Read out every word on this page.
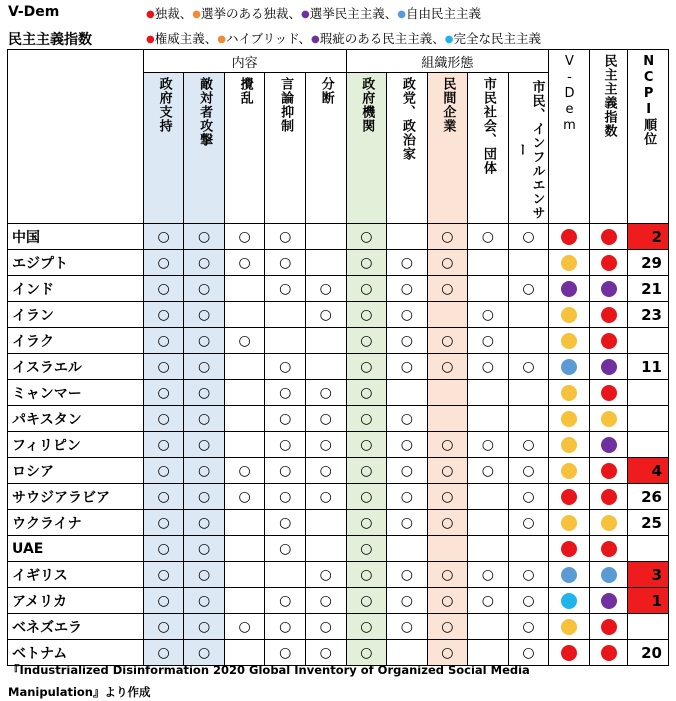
V-Dem	●独裁、●選挙のある独裁、●選挙民主主義、●自由民主主義
民主主義指数	●権威主義、●ハイブリッド、●瑕疵のある民主主義、●完全な民主主義
	内容					組織形態					V-Dem	民主主義指数	NCPI順位

	政府支持	敵対者攻撃	攪乱	言論抑制	分断	政府機関	政党、政治家	民間企業	市民社会、団体	市民、インフルエンサー			

中国	○	○	○	○		○		○	○	○			2
エジプト	○	○	○	○		○	○	○					29
インド	○	○		○	○	○	○	○		○			21
イラン	○	○			○	○	○		○				23
イラク	○	○	○			○	○	○	○				
イスラエル	○	○		○		○	○	○	○	○			11
ミャンマー	○	○		○	○	○							
パキスタン	○	○		○	○	○	○						
フィリピン	○	○		○	○	○	○	○	○	○			
ロシア	○	○	○	○	○	○	○	○	○	○			4
サウジアラビア	○	○	○	○	○	○	○	○		○			26
ウクライナ	○	○		○		○	○	○		○			25
UAE	○	○		○		○							
イギリス	○	○			○	○	○	○	○	○			3
アメリカ	○	○		○	○	○	○	○	○	○			1
ベネズエラ	○	○	○	○	○	○	○	○		○			
ベトナム	○	○		○	○	○		○		○			20
『Industrialized Disinformation 2020 Global Inventory of Organized Social Media
Manipulation』より作成
